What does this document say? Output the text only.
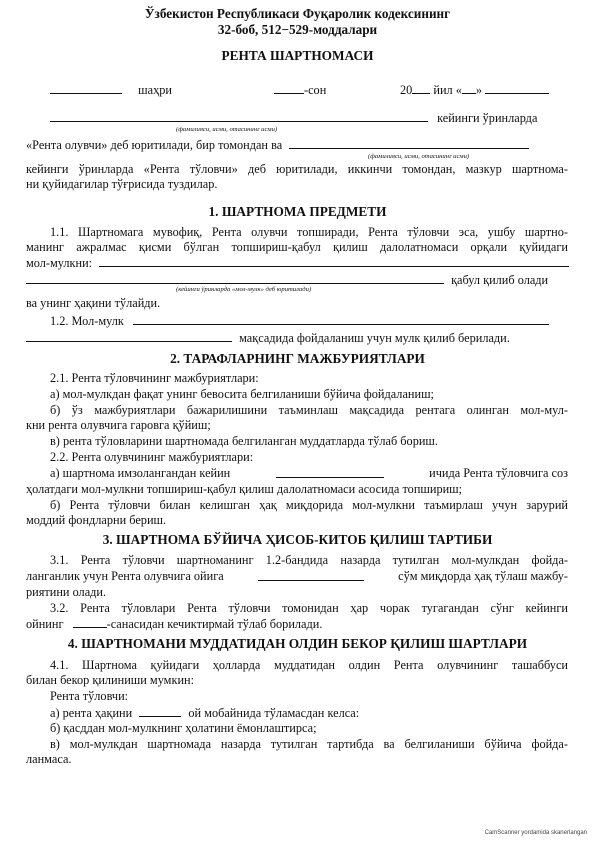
Ўзбекистон Республикаси Фуқаролик кодексининг
32-боб, 512−529-моддалари
РЕНТА ШАРТНОМАСИ
шаҳри	-сон	20 йил « »
кейинги ўринларда
(фамилияси, исми, отасининг исми)
«Рента олувчи» деб юритилади, бир томондан ва
(фамилияси, исми, отасининг исми)
кейинги ўринларда «Рента тўловчи» деб юритилади, иккинчи томондан, мазкур шартнома-
ни қуйидагилар тўғрисида туздилар.
1. ШАРТНОМА ПРЕДМЕТИ
1.1. Шартномага мувофиқ, Рента олувчи топширади, Рента тўловчи эса, ушбу шартно-
манинг ажралмас қисми бўлган топшириш-қабул қилиш далолатномаси орқали қуйидаги
мол-мулкни:
қабул қилиб олади
(кейинги ўринларда «мол-мулк» деб юритилади)
ва унинг ҳақини тўлайди.
1.2. Мол-мулк
мақсадида фойдаланиш учун мулк қилиб берилади.
2. ТАРАФЛАРНИНГ МАЖБУРИЯТЛАРИ
2.1. Рента тўловчининг мажбуриятлари:
а) мол-мулкдан фақат унинг бевосита белгиланиши бўйича фойдаланиш;
б) ўз мажбуриятлари бажарилишини таъминлаш мақсадида рентага олинган мол-мул-
кни рента олувчига гаровга қўйиш;
в) рента тўловларини шартномада белгиланган муддатларда тўлаб бориш.
2.2. Рента олувчининг мажбуриятлари:
а) шартнома имзолангандан кейин	ичида Рента тўловчига соз
ҳолатдаги мол-мулкни топшириш-қабул қилиш далолатномаси асосида топшириш;
б) Рента тўловчи билан келишган ҳақ миқдорида мол-мулкни таъмирлаш учун зарурий
моддий фондларни бериш.
3. ШАРТНОМА БЎЙИЧА ҲИСОБ-КИТОБ ҚИЛИШ ТАРТИБИ
3.1. Рента тўловчи шартноманинг 1.2-бандида назарда тутилган мол-мулкдан фойда-
ланганлик учун Рента олувчига ойига	сўм миқдорда ҳақ тўлаш мажбу-
риятини олади.
3.2. Рента тўловлари Рента тўловчи томонидан ҳар чорак тугагандан сўнг кейинги
ойнинг	-санасидан кечиктирмай тўлаб борилади.
4. ШАРТНОМАНИ МУДДАТИДАН ОЛДИН БЕКОР ҚИЛИШ ШАРТЛАРИ
4.1. Шартнома қуйидаги ҳолларда муддатидан олдин Рента олувчининг ташаббуси
билан бекор қилиниши мумкин:
Рента тўловчи:
а) рента ҳақини	ой мобайнида тўламасдан келса:
б) қасддан мол-мулкнинг ҳолатини ёмонлаштирса;
в) мол-мулкдан шартномада назарда тутилган тартибда ва белгиланиши бўйича фойда-
ланмаса.
CamScanner yordamida skanerlangan
